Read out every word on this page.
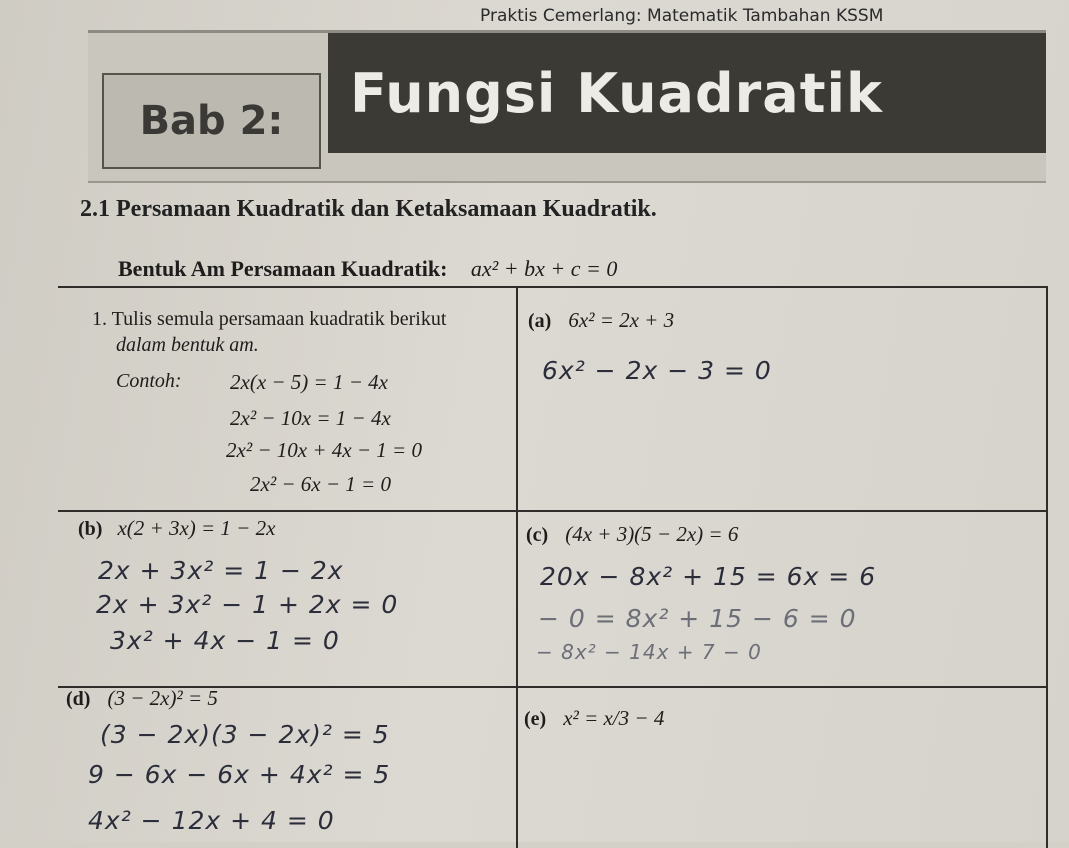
Praktis Cemerlang: Matematik Tambahan KSSM
Bab 2: Fungsi Kuadratik
2.1 Persamaan Kuadratik dan Ketaksamaan Kuadratik.
Bentuk Am Persamaan Kuadratik: ax² + bx + c = 0
1. Tulis semula persamaan kuadratik berikut
dalam bentuk am.
Contoh: 2x(x − 5) = 1 − 4x
2x² − 10x = 1 − 4x
2x² − 10x + 4x − 1 = 0
2x² − 6x − 1 = 0
(a) 6x² = 2x + 3
6x² − 2x − 3 = 0
(b) x(2 + 3x) = 1 − 2x
2x + 3x² = 1 − 2x
2x + 3x² − 1 + 2x = 0
3x² + 4x − 1 = 0
(c) (4x + 3)(5 − 2x) = 6
20x − 8x² + 15 = 6x = 6
− 0 = 8x² + 15 − 6 = 0
− 8x² − 14x + 7 − 0
(d) (3 − 2x)² = 5
(3 − 2x)(3 − 2x)² = 5
9 − 6x − 6x + 4x² = 5
4x² − 12x + 4 = 0
(e) x² = x/3 − 4
